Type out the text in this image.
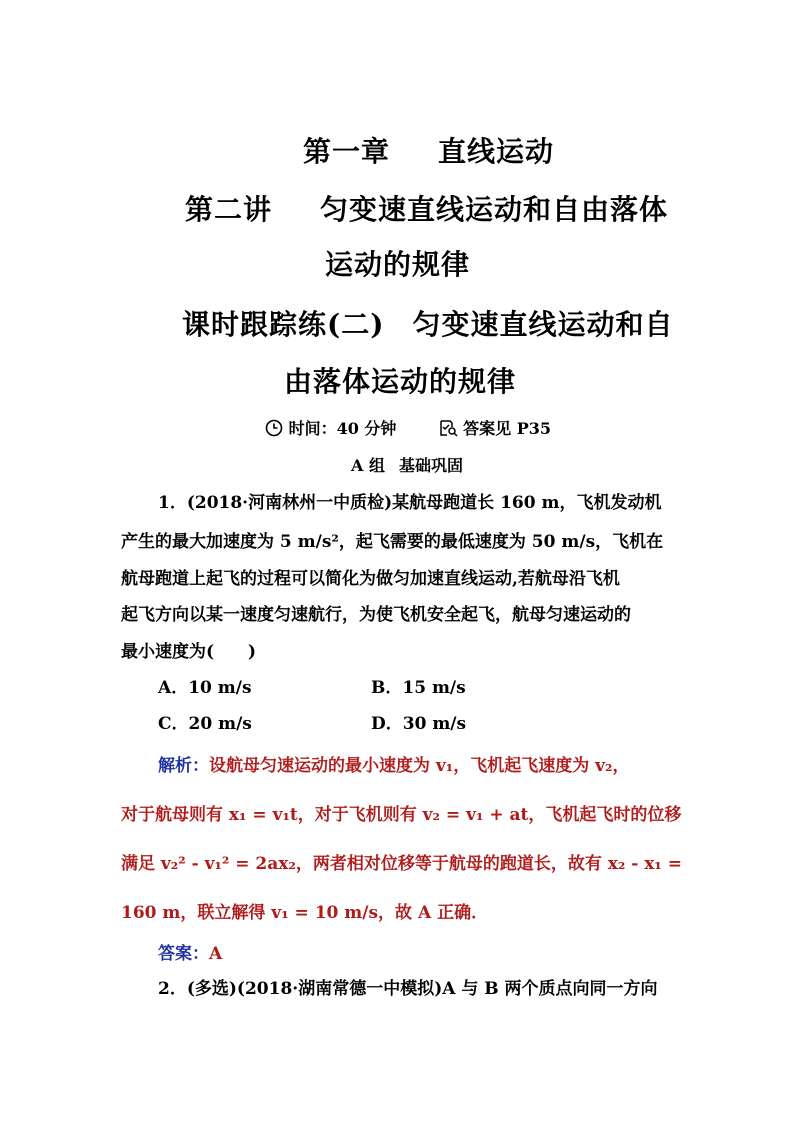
第一章 直线运动
第二讲 匀变速直线运动和自由落体
运动的规律
课时跟踪练(二) 匀变速直线运动和自
由落体运动的规律
时间：40 分钟	答案见 P35
A 组 基础巩固
1．(2018·河南林州一中质检)某航母跑道长 160 m，飞机发动机
产生的最大加速度为 5 m/s²，起飞需要的最低速度为 50 m/s，飞机在
航母跑道上起飞的过程可以简化为做匀加速直线运动,若航母沿飞机
起飞方向以某一速度匀速航行，为使飞机安全起飞，航母匀速运动的
最小速度为(　　)
A．10 m/s	B．15 m/s
C．20 m/s	D．30 m/s
解析：设航母匀速运动的最小速度为 v₁，飞机起飞速度为 v₂，
对于航母则有 x₁ = v₁t，对于飞机则有 v₂ = v₁ + at，飞机起飞时的位移
满足 v₂² - v₁² = 2ax₂，两者相对位移等于航母的跑道长，故有 x₂ - x₁ =
160 m，联立解得 v₁ = 10 m/s，故 A 正确．
答案：A
2．(多选)(2018·湖南常德一中模拟)A 与 B 两个质点向同一方向
